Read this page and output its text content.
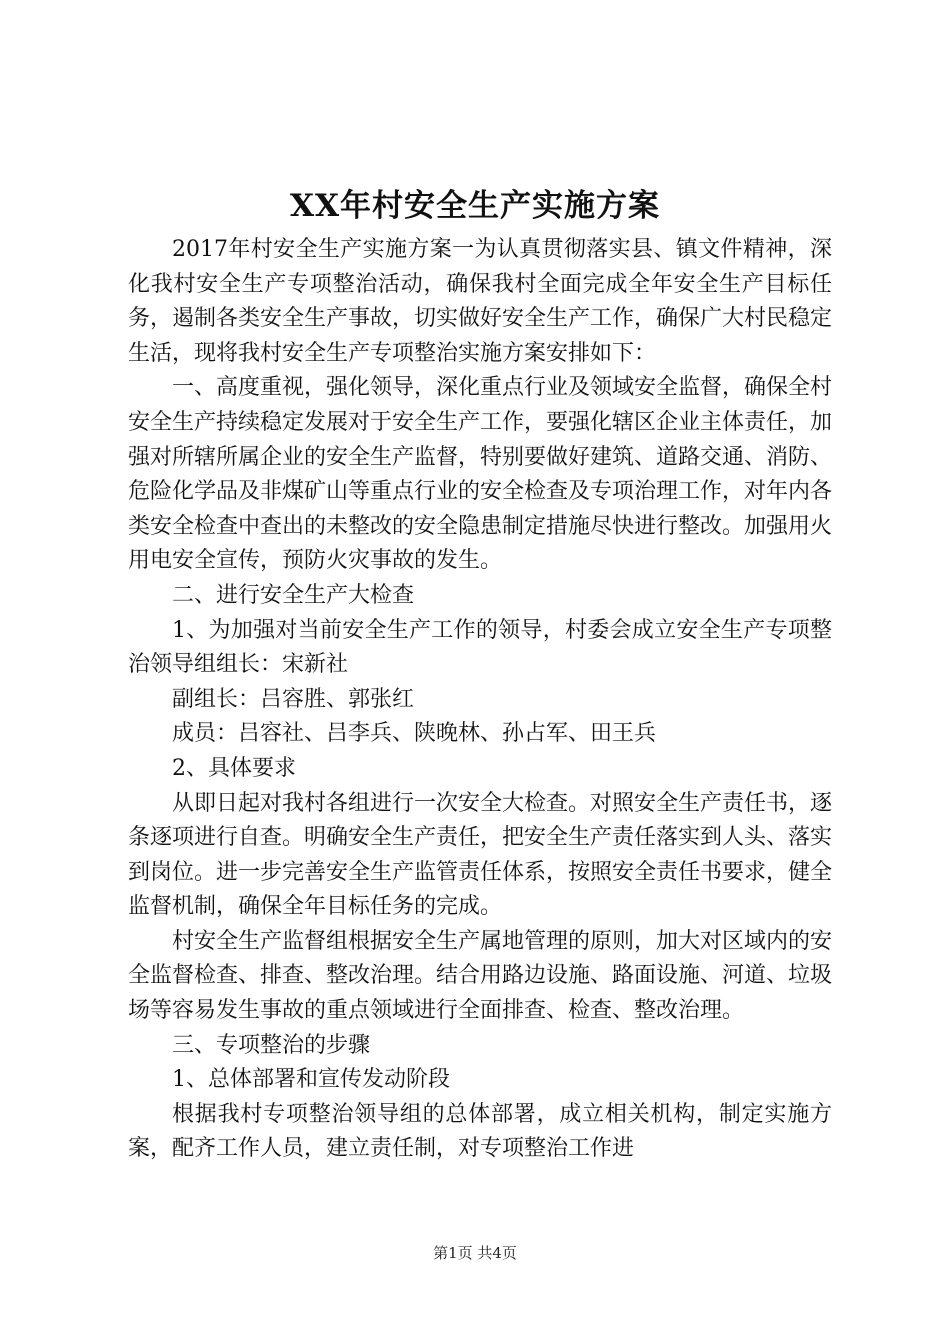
XX年村安全生产实施方案

2017年村安全生产实施方案一为认真贯彻落实县、镇文件精神，深化我村安全生产专项整治活动，确保我村全面完成全年安全生产目标任务，遏制各类安全生产事故，切实做好安全生产工作，确保广大村民稳定生活，现将我村安全生产专项整治实施方案安排如下：

一、高度重视，强化领导，深化重点行业及领域安全监督，确保全村安全生产持续稳定发展对于安全生产工作，要强化辖区企业主体责任，加强对所辖所属企业的安全生产监督，特别要做好建筑、道路交通、消防、危险化学品及非煤矿山等重点行业的安全检查及专项治理工作，对年内各类安全检查中查出的未整改的安全隐患制定措施尽快进行整改。加强用火用电安全宣传，预防火灾事故的发生。

二、进行安全生产大检查

1、为加强对当前安全生产工作的领导，村委会成立安全生产专项整治领导组组长：宋新社

副组长：吕容胜、郭张红

成员：吕容社、吕李兵、陕晚林、孙占军、田王兵

2、具体要求

从即日起对我村各组进行一次安全大检查。对照安全生产责任书，逐条逐项进行自查。明确安全生产责任，把安全生产责任落实到人头、落实到岗位。进一步完善安全生产监管责任体系，按照安全责任书要求，健全监督机制，确保全年目标任务的完成。

村安全生产监督组根据安全生产属地管理的原则，加大对区域内的安全监督检查、排查、整改治理。结合用路边设施、路面设施、河道、垃圾场等容易发生事故的重点领域进行全面排查、检查、整改治理。

三、专项整治的步骤

1、总体部署和宣传发动阶段

根据我村专项整治领导组的总体部署，成立相关机构，制定实施方案，配齐工作人员，建立责任制，对专项整治工作进

第1页 共4页
